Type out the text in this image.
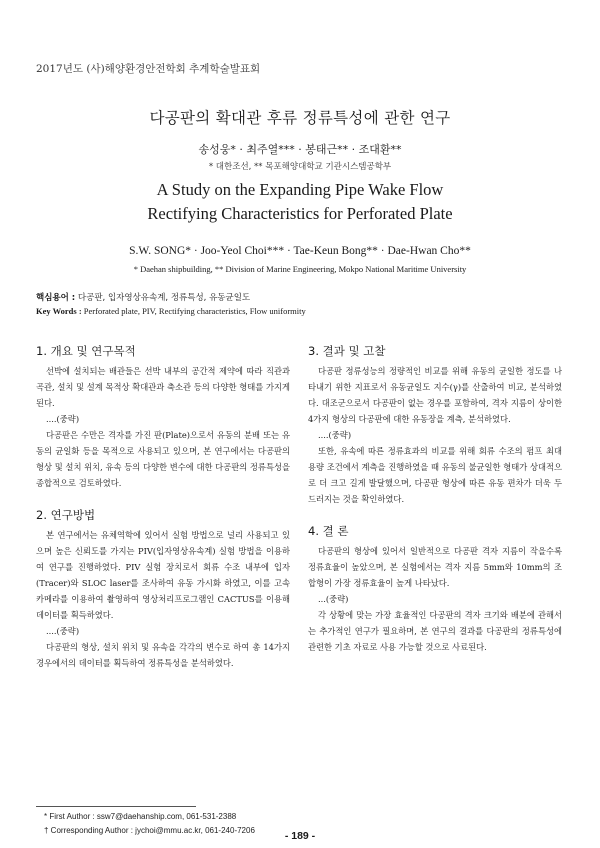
2017년도 (사)해양환경안전학회 추계학술발표회
다공판의 확대관 후류 정류특성에 관한 연구
송성웅* · 최주열*** · 봉태근** · 조대환**
* 대한조선, ** 목포해양대학교 기관시스템공학부
A Study on the Expanding Pipe Wake Flow
Rectifying Characteristics for Perforated Plate
S.W. SONG* · Joo-Yeol Choi*** · Tae-Keun Bong** · Dae-Hwan Cho**
* Daehan shipbuilding, ** Division of Marine Engineering, Mokpo National Maritime University
핵심용어 : 다공판, 입자영상유속계, 정류특성, 유동균일도
Key Words : Perforated plate, PIV, Rectifying characteristics, Flow uniformity
1. 개요 및 연구목적

선박에 설치되는 배관들은 선박 내부의 공간적 제약에 따라 직관과 곡관, 설치 및 설계 목적상 확대관과 축소관 등의 다양한 형태를 가지게 된다.

....(중략)

다공판은 수만은 격자를 가진 판(Plate)으로서 유동의 분배 또는 유동의 균일화 등을 목적으로 사용되고 있으며, 본 연구에서는 다공판의 형상 및 설치 위치, 유속 등의 다양한 변수에 대한 다공판의 정류특성을 종합적으로 검토하였다.

2. 연구방법

본 연구에서는 유체역학에 있어서 실험 방법으로 널리 사용되고 있으며 높은 신뢰도를 가지는 PIV(입자영상유속계) 실험 방법을 이용하여 연구를 진행하였다. PIV 실험 장치로서 회류 수조 내부에 입자(Tracer)와 SLOC laser를 조사하여 유동 가시화 하였고, 이를 고속카메라를 이용하여 촬영하여 영상처리프로그램인 CACTUS를 이용해 데이터를 획득하였다.

....(중략)

다공판의 형상, 설치 위치 및 유속을 각각의 변수로 하여 총 14가지 경우에서의 데이터를 획득하여 정류특성을 분석하였다.

3. 결과 및 고찰

다공판 정류성능의 정량적인 비교를 위해 유동의 균일한 정도를 나타내기 위한 지표로서 유동균일도 지수(γ)를 산출하여 비교, 분석하였다. 대조군으로서 다공판이 없는 경우를 포함하여, 격자 지름이 상이한 4가지 형상의 다공판에 대한 유동장을 계측, 분석하였다.

....(중략)

또한, 유속에 따른 정류효과의 비교를 위해 회류 수조의 펌프 최대 용량 조건에서 계측을 진행하였을 때 유동의 불균일한 형태가 상대적으로 더 크고 길게 발달했으며, 다공판 형상에 따른 유동 편차가 더욱 두드러지는 것을 확인하였다.

4. 결 론

다공판의 형상에 있어서 일반적으로 다공판 격자 지름이 작을수록 정류효율이 높았으며, 본 실험에서는 격자 지름 5mm와 10mm의 조합형이 가장 정류효율이 높게 나타났다.

...(중략)

각 상황에 맞는 가장 효율적인 다공판의 격자 크기와 배분에 관해서는 추가적인 연구가 필요하며, 본 연구의 결과를 다공판의 정류특성에 관련한 기초 자료로 사용 가능할 것으로 사료된다.

* First Author : ssw7@daehanship.com, 061-531-2388
† Corresponding Author : jychoi@mmu.ac.kr, 061-240-7206	- 189 -
